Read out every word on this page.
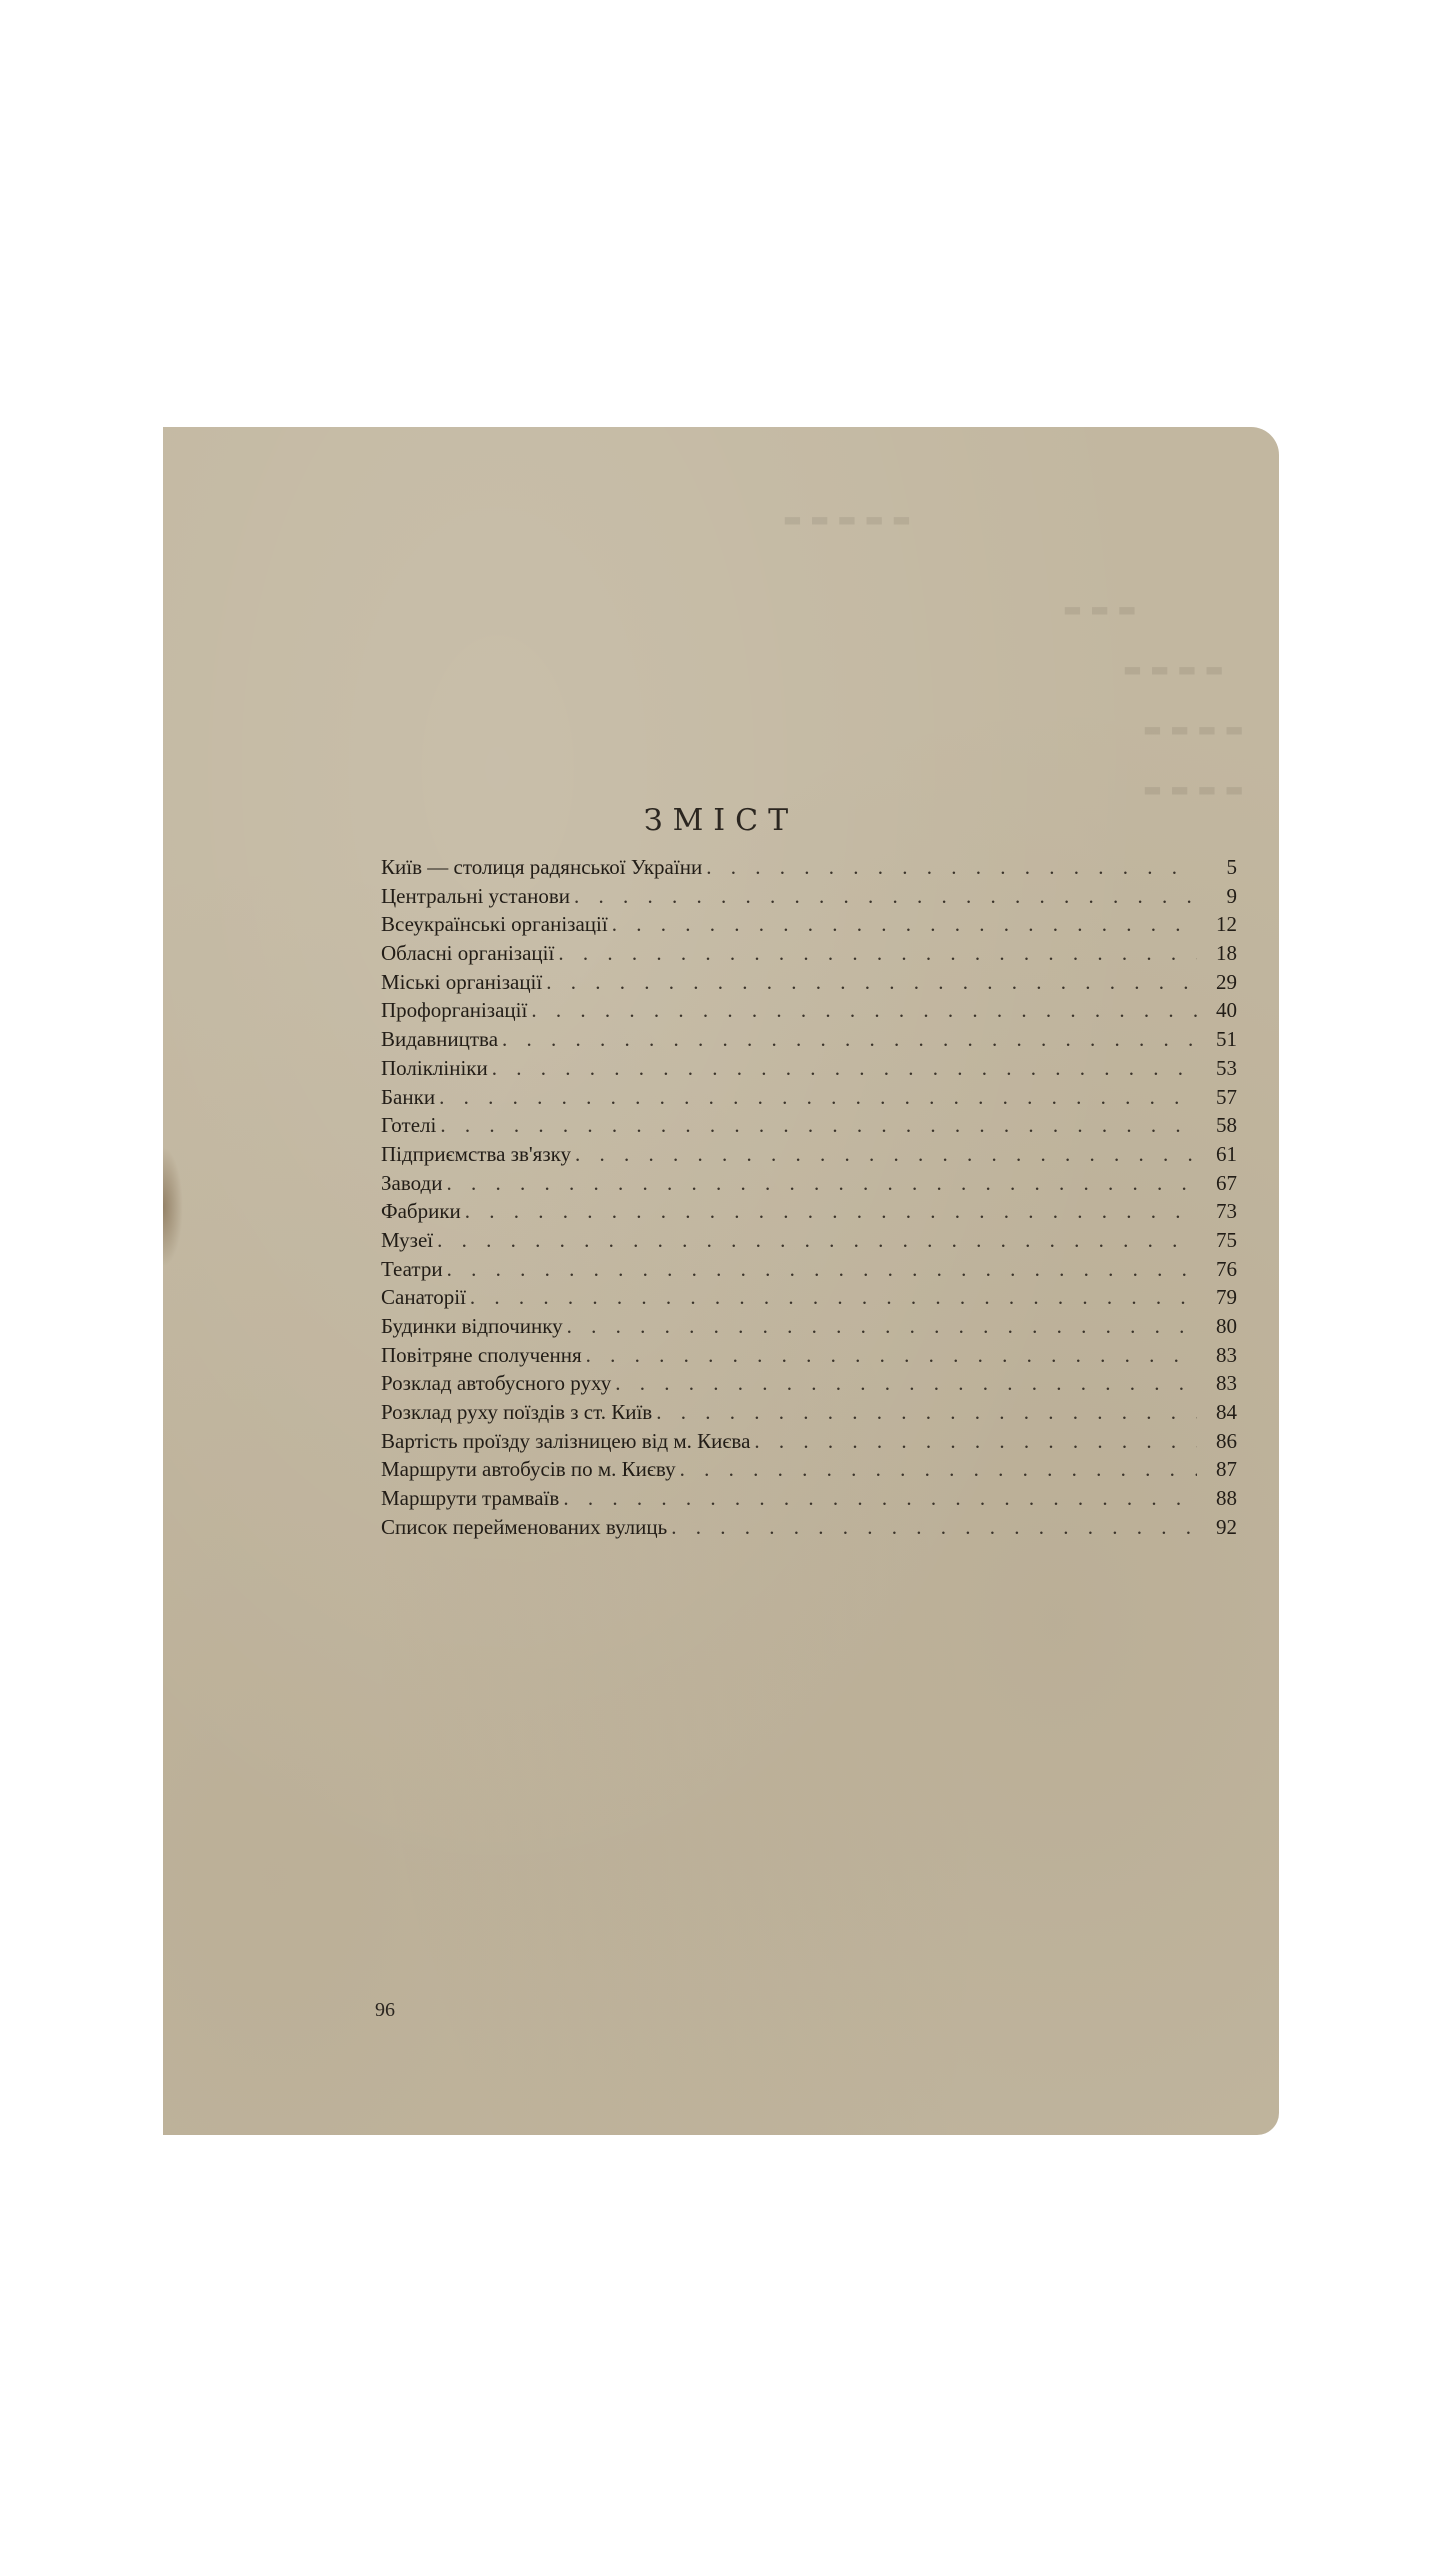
▬ ▬ ▬ ▬ ▬
▬ ▬ ▬
▬ ▬ ▬ ▬
▬ ▬ ▬ ▬
▬ ▬ ▬ ▬
ЗМІСТ
Київ — столиця радянської України . . .	5
Центральні установи . . .	9
Всеукраїнські організації . . .	12
Обласні організації . . .	18
Міські організації . . .	29
Профорганізації . . .	40
Видавництва . . .	51
Поліклініки . . .	53
Банки . . .	57
Готелі . . .	58
Підприємства зв'язку . . .	61
Заводи . . .	67
Фабрики . . .	73
Музеї . . .	75
Театри . . .	76
Санаторії . . .	79
Будинки відпочинку . . .	80
Повітряне сполучення . . .	83
Розклад автобусного руху . . .	83
Розклад руху поїздів з ст. Київ . . .	84
Вартість проїзду залізницею від м. Києва . . .	86
Маршрути автобусів по м. Києву . . .	87
Маршрути трамваїв . . .	88
Список перейменованих вулиць . . .	92
96
